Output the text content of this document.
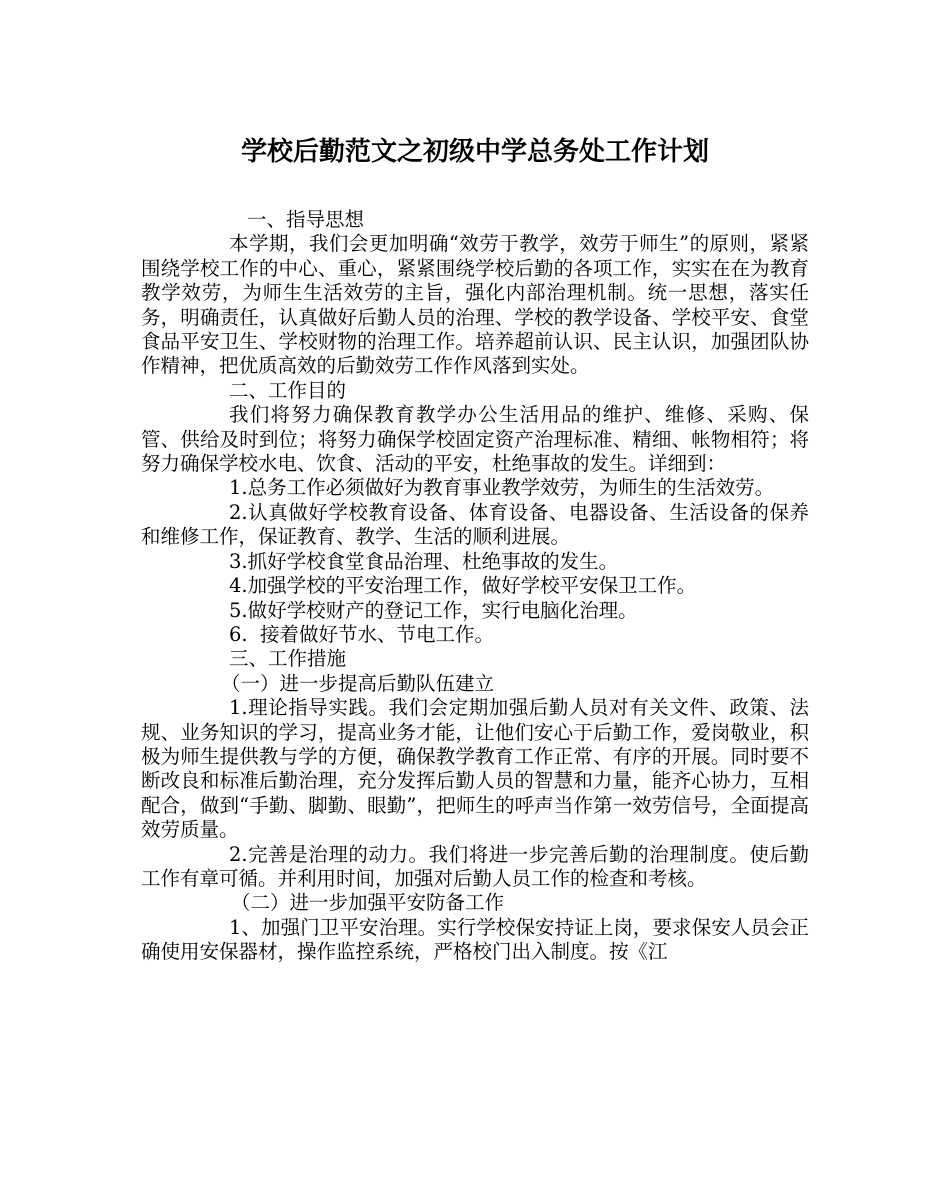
学校后勤范文之初级中学总务处工作计划

一、指导思想

本学期，我们会更加明确“效劳于教学，效劳于师生”的原则，紧紧围绕学校工作的中心、重心，紧紧围绕学校后勤的各项工作，实实在在为教育教学效劳，为师生生活效劳的主旨，强化内部治理机制。统一思想，落实任务，明确责任，认真做好后勤人员的治理、学校的教学设备、学校平安、食堂食品平安卫生、学校财物的治理工作。培养超前认识、民主认识，加强团队协作精神，把优质高效的后勤效劳工作作风落到实处。

二、工作目的

我们将努力确保教育教学办公生活用品的维护、维修、采购、保管、供给及时到位；将努力确保学校固定资产治理标准、精细、帐物相符；将努力确保学校水电、饮食、活动的平安，杜绝事故的发生。详细到：

1.总务工作必须做好为教育事业教学效劳，为师生的生活效劳。

2.认真做好学校教育设备、体育设备、电器设备、生活设备的保养和维修工作，保证教育、教学、生活的顺利进展。

3.抓好学校食堂食品治理、杜绝事故的发生。

4.加强学校的平安治理工作，做好学校平安保卫工作。

5.做好学校财产的登记工作，实行电脑化治理。

6.  接着做好节水、节电工作。

三、工作措施

（一）进一步提高后勤队伍建立

1.理论指导实践。我们会定期加强后勤人员对有关文件、政策、法规、业务知识的学习，提高业务才能，让他们安心于后勤工作，爱岗敬业，积极为师生提供教与学的方便，确保教学教育工作正常、有序的开展。同时要不断改良和标准后勤治理，充分发挥后勤人员的智慧和力量，能齐心协力，互相配合，做到“手勤、脚勤、眼勤”，把师生的呼声当作第一效劳信号，全面提高效劳质量。

2.完善是治理的动力。我们将进一步完善后勤的治理制度。使后勤工作有章可循。并利用时间，加强对后勤人员工作的检查和考核。

（二）进一步加强平安防备工作

1、加强门卫平安治理。实行学校保安持证上岗，要求保安人员会正确使用安保器材，操作监控系统，严格校门出入制度。按《江
